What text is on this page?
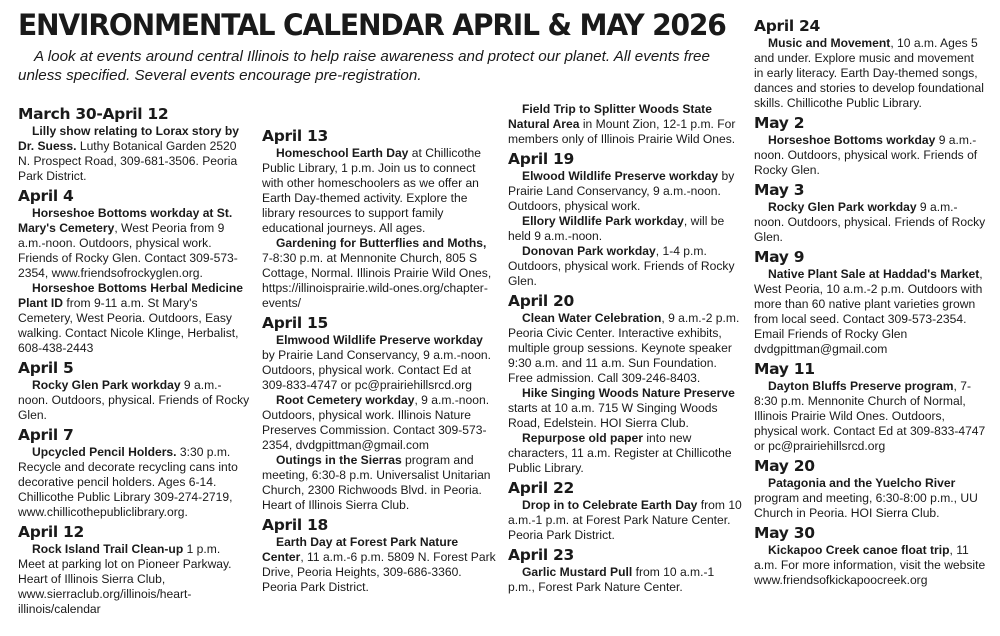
ENVIRONMENTAL CALENDAR APRIL & MAY 2026

A look at events around central Illinois to help raise awareness and protect our planet. All events free unless specified. Several events encourage pre-registration.

March 30-April 12

Lilly show relating to Lorax story by Dr. Suess. Luthy Botanical Garden 2520 N. Prospect Road, 309-681-3506. Peoria Park District.

April 4

Horseshoe Bottoms workday at St. Mary's Cemetery, West Peoria from 9 a.m.-noon. Outdoors, physical work. Friends of Rocky Glen. Contact 309-573-2354, www.friendsofrockyglen.org.

Horseshoe Bottoms Herbal Medicine Plant ID from 9-11 a.m. St Mary's Cemetery, West Peoria. Outdoors, Easy walking. Contact Nicole Klinge, Herbalist, 608-438-2443

April 5

Rocky Glen Park workday 9 a.m.-noon. Outdoors, physical. Friends of Rocky Glen.

April 7

Upcycled Pencil Holders. 3:30 p.m. Recycle and decorate recycling cans into decorative pencil holders. Ages 6-14. Chillicothe Public Library 309-274-2719, www.chillicothepubliclibrary.org.

April 12

Rock Island Trail Clean-up 1 p.m. Meet at parking lot on Pioneer Parkway. Heart of Illinois Sierra Club, www.sierraclub.org/illinois/heart-illinois/calendar

April 13

Homeschool Earth Day at Chillicothe Public Library, 1 p.m. Join us to connect with other homeschoolers as we offer an Earth Day-themed activity. Explore the library resources to support family educational journeys. All ages.

Gardening for Butterflies and Moths, 7-8:30 p.m. at Mennonite Church, 805 S Cottage, Normal. Illinois Prairie Wild Ones, https://illinoisprairie.wild-ones.org/chapter-events/

April 15

Elmwood Wildlife Preserve workday by Prairie Land Conservancy, 9 a.m.-noon. Outdoors, physical work. Contact Ed at 309-833-4747 or pc@prairiehillsrcd.org

Root Cemetery workday, 9 a.m.-noon. Outdoors, physical work. Illinois Nature Preserves Commission. Contact 309-573-2354, dvdgpittman@gmail.com

Outings in the Sierras program and meeting, 6:30-8 p.m. Universalist Unitarian Church, 2300 Richwoods Blvd. in Peoria. Heart of Illinois Sierra Club.

April 18

Earth Day at Forest Park Nature Center, 11 a.m.-6 p.m. 5809 N. Forest Park Drive, Peoria Heights, 309-686-3360. Peoria Park District.

Field Trip to Splitter Woods State Natural Area in Mount Zion, 12-1 p.m. For members only of Illinois Prairie Wild Ones.

April 19

Elwood Wildlife Preserve workday by Prairie Land Conservancy, 9 a.m.-noon. Outdoors, physical work.

Ellory Wildlife Park workday, will be held 9 a.m.-noon.

Donovan Park workday, 1-4 p.m. Outdoors, physical work. Friends of Rocky Glen.

April 20

Clean Water Celebration, 9 a.m.-2 p.m. Peoria Civic Center. Interactive exhibits, multiple group sessions. Keynote speaker 9:30 a.m. and 11 a.m. Sun Foundation. Free admission. Call 309-246-8403.

Hike Singing Woods Nature Preserve starts at 10 a.m. 715 W Singing Woods Road, Edelstein. HOI Sierra Club.

Repurpose old paper into new characters, 11 a.m. Register at Chillicothe Public Library.

April 22

Drop in to Celebrate Earth Day from 10 a.m.-1 p.m. at Forest Park Nature Center. Peoria Park District.

April 23

Garlic Mustard Pull from 10 a.m.-1 p.m., Forest Park Nature Center.

April 24

Music and Movement, 10 a.m. Ages 5 and under. Explore music and movement in early literacy. Earth Day-themed songs, dances and stories to develop foundational skills. Chillicothe Public Library.

May 2

Horseshoe Bottoms workday 9 a.m.-noon. Outdoors, physical work. Friends of Rocky Glen.

May 3

Rocky Glen Park workday 9 a.m.-noon. Outdoors, physical. Friends of Rocky Glen.

May 9

Native Plant Sale at Haddad's Market, West Peoria, 10 a.m.-2 p.m. Outdoors with more than 60 native plant varieties grown from local seed. Contact 309-573-2354. Email Friends of Rocky Glen dvdgpittman@gmail.com

May 11

Dayton Bluffs Preserve program, 7-8:30 p.m. Mennonite Church of Normal, Illinois Prairie Wild Ones. Outdoors, physical work. Contact Ed at 309-833-4747 or pc@prairiehillsrcd.org

May 20

Patagonia and the Yuelcho River program and meeting, 6:30-8:00 p.m., UU Church in Peoria. HOI Sierra Club.

May 30

Kickapoo Creek canoe float trip, 11 a.m. For more information, visit the website www.friendsofkickapoocreek.org
